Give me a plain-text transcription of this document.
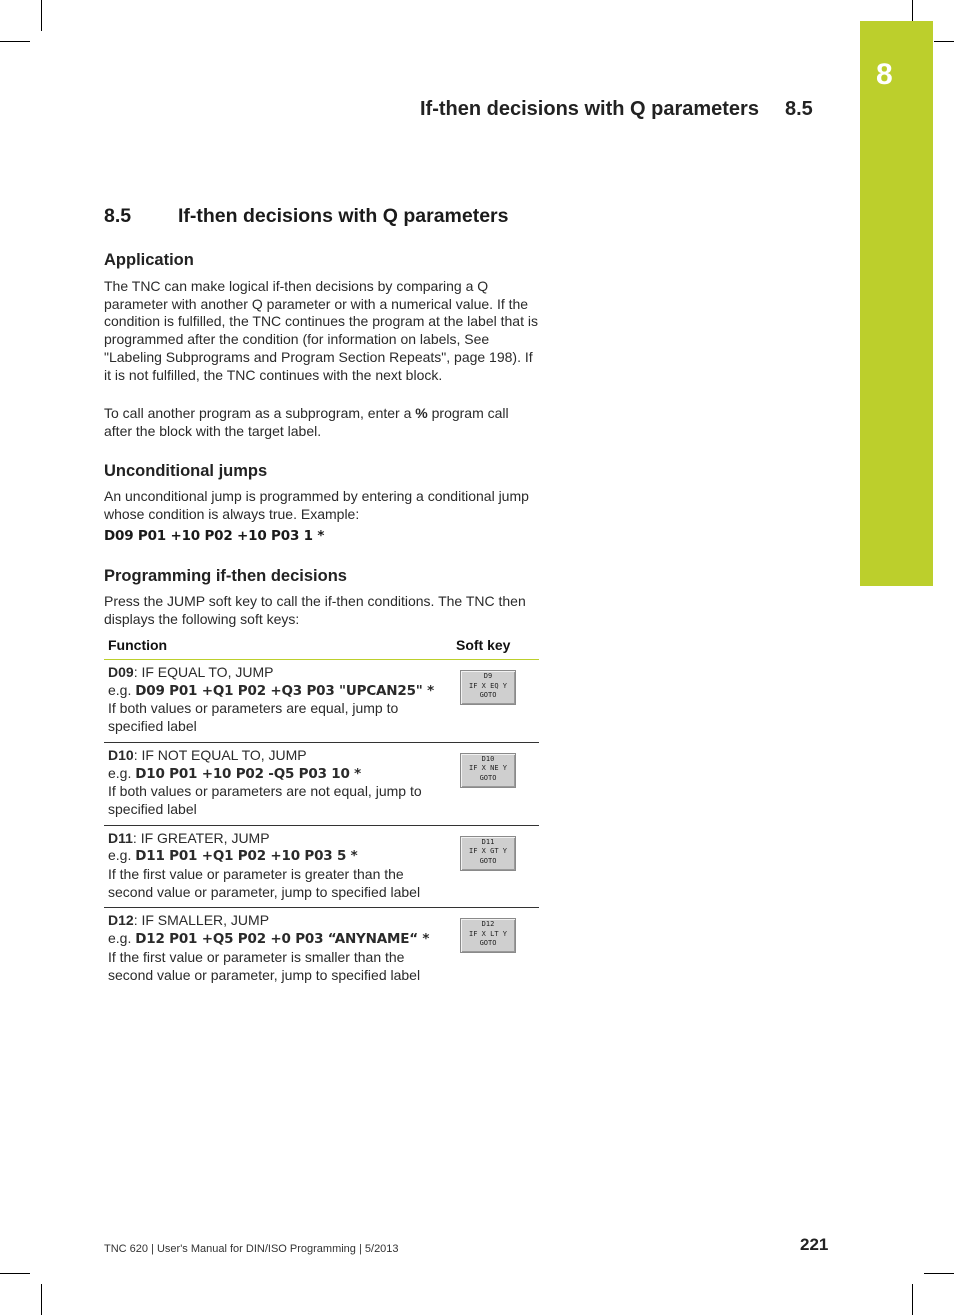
8
If-then decisions with Q parameters 8.5
8.5 If-then decisions with Q parameters
Application
The TNC can make logical if-then decisions by comparing a Q parameter with another Q parameter or with a numerical value. If the condition is fulfilled, the TNC continues the program at the label that is programmed after the condition (for information on labels, See "Labeling Subprograms and Program Section Repeats", page 198). If it is not fulfilled, the TNC continues with the next block.
To call another program as a subprogram, enter a % program call after the block with the target label.
Unconditional jumps
An unconditional jump is programmed by entering a conditional jump whose condition is always true. Example:
D09 P01 +10 P02 +10 P03 1 *
Programming if-then decisions
Press the JUMP soft key to call the if-then conditions. The TNC then displays the following soft keys:
Function	Soft key
D09: IF EQUAL TO, JUMP
e.g. D09 P01 +Q1 P02 +Q3 P03 "UPCAN25" *
If both values or parameters are equal, jump to specified label	D9
IF X EQ Y
GOTO

D10: IF NOT EQUAL TO, JUMP
e.g. D10 P01 +10 P02 -Q5 P03 10 *
If both values or parameters are not equal, jump to specified label	D10
IF X NE Y
GOTO

D11: IF GREATER, JUMP
e.g. D11 P01 +Q1 P02 +10 P03 5 *
If the first value or parameter is greater than the second value or parameter, jump to specified label	D11
IF X GT Y
GOTO

D12: IF SMALLER, JUMP
e.g. D12 P01 +Q5 P02 +0 P03 “ANYNAME“ *
If the first value or parameter is smaller than the second value or parameter, jump to specified label	D12
IF X LT Y
GOTO
TNC 620 | User's Manual for DIN/ISO Programming | 5/2013	221
